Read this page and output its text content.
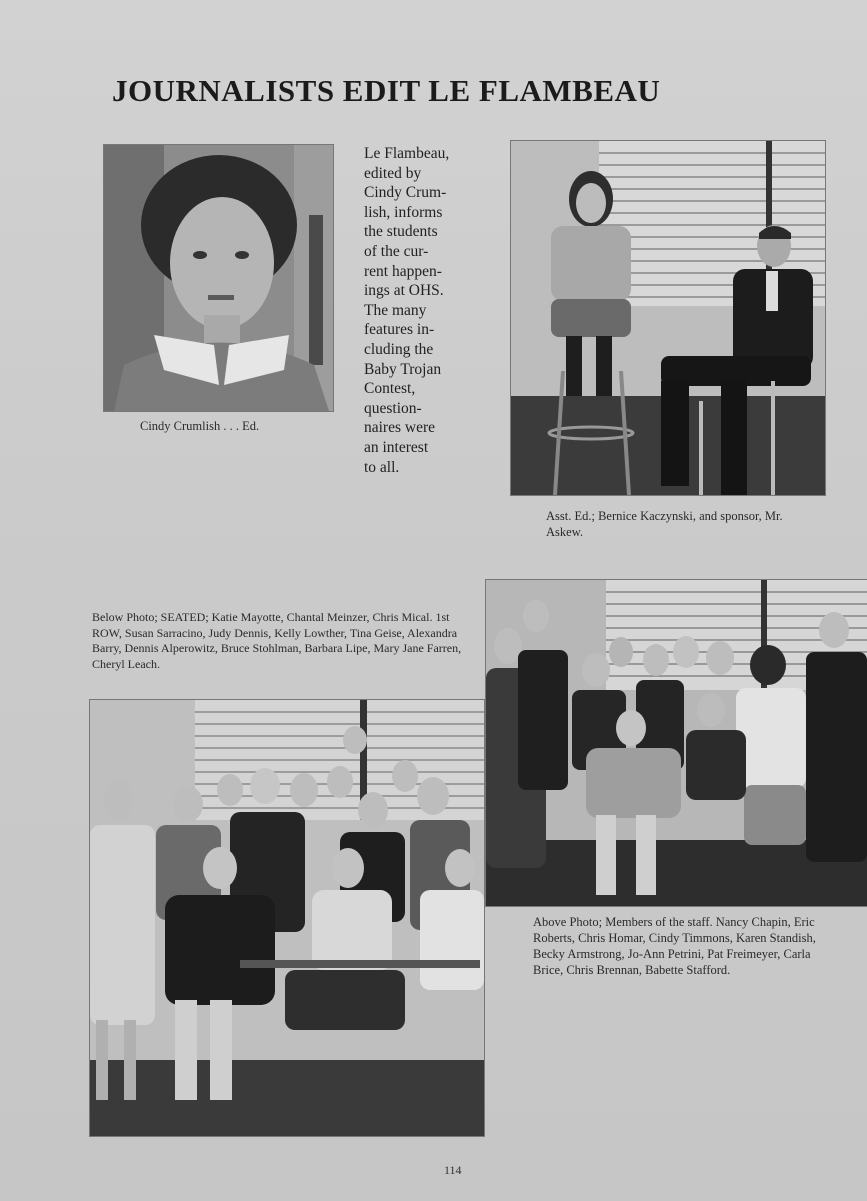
JOURNALISTS EDIT LE FLAMBEAU

Cindy Crumlish . . . Ed.

Le Flambeau,
edited by
Cindy Crum-
lish, informs
the students
of the cur-
rent happen-
ings at OHS.
The many
features in-
cluding the
Baby Trojan
Contest,
question-
naires were
an interest
to all.

Asst. Ed.; Bernice Kaczynski, and sponsor, Mr. Askew.

Below Photo; SEATED; Katie Mayotte, Chantal Meinzer, Chris Mical. 1st ROW, Susan Sarracino, Judy Dennis, Kelly Lowther, Tina Geise, Alexandra Barry, Dennis Alperowitz, Bruce Stohlman, Barbara Lipe, Mary Jane Farren, Cheryl Leach.

Above Photo; Members of the staff. Nancy Chapin, Eric Roberts, Chris Homar, Cindy Timmons, Karen Standish, Becky Armstrong, Jo-Ann Petrini, Pat Freimeyer, Carla Brice, Chris Brennan, Babette Stafford.

114
